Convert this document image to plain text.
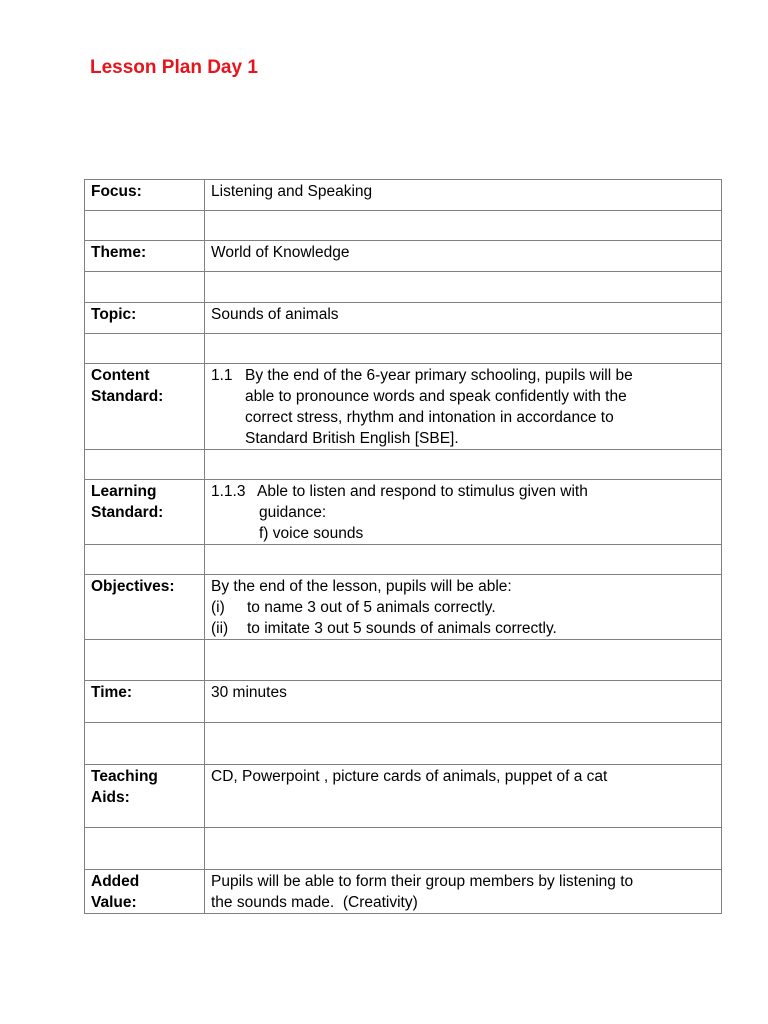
Lesson Plan Day 1
Focus:	Listening and Speaking

Theme:	World of Knowledge

Topic:	Sounds of animals

Content
Standard:	1.1 By the end of the 6-year primary schooling, pupils will be
able to pronounce words and speak confidently with the
correct stress, rhythm and intonation in accordance to
Standard British English [SBE].

Learning
Standard:	1.1.3 Able to listen and respond to stimulus given with
guidance:
f) voice sounds

Objectives:	By the end of the lesson, pupils will be able:
(i) to name 3 out of 5 animals correctly.
(ii) to imitate 3 out 5 sounds of animals correctly.

Time:	30 minutes

Teaching
Aids:	CD, Powerpoint , picture cards of animals, puppet of a cat

Added
Value:	Pupils will be able to form their group members by listening to
the sounds made.  (Creativity)
